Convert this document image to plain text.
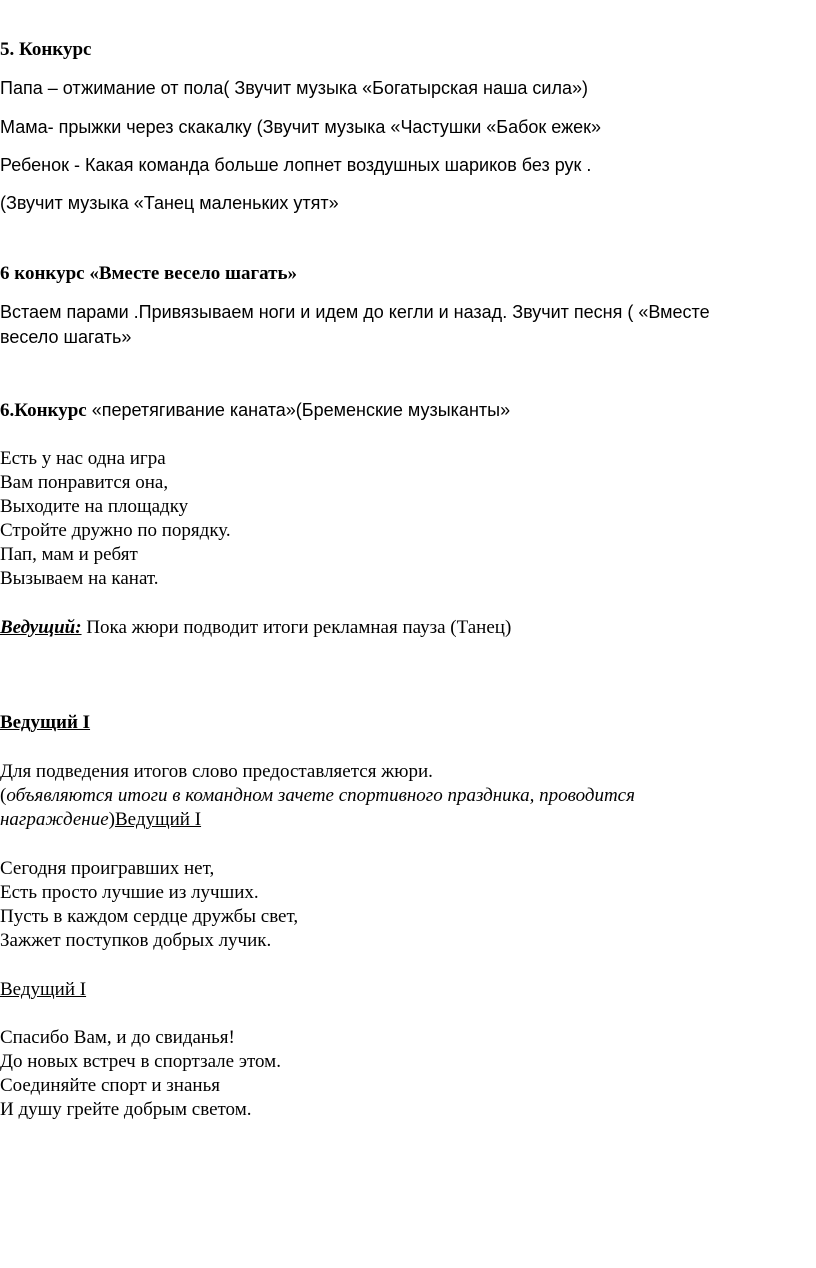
5. Конкурс
Папа – отжимание от пола( Звучит музыка «Богатырская наша сила»)
Мама- прыжки через скакалку (Звучит музыка «Частушки «Бабок ежек»
Ребенок - Какая команда больше лопнет воздушных шариков без рук .
(Звучит музыка «Танец маленьких утят»
6 конкурс «Вместе весело шагать»
Встаем парами .Привязываем ноги и идем до кегли и назад. Звучит песня ( «Вместе
весело шагать»
6.Конкурс «перетягивание каната»(Бременские музыканты»
Есть у нас одна игра
Вам понравится она,
Выходите на площадку
Стройте дружно по порядку.
Пап, мам и ребят
Вызываем на канат.
Ведущий: Пока жюри подводит итоги рекламная пауза (Танец)
Ведущий I
Для подведения итогов слово предоставляется жюри.
(объявляются итоги в командном зачете спортивного праздника, проводится
награждение)Ведущий I
Сегодня проигравших нет,
Есть просто лучшие из лучших.
Пусть в каждом сердце дружбы свет,
Зажжет поступков добрых лучик.
Ведущий I
Спасибо Вам, и до свиданья!
До новых встреч в спортзале этом.
Соединяйте спорт и знанья
И душу грейте добрым светом.
